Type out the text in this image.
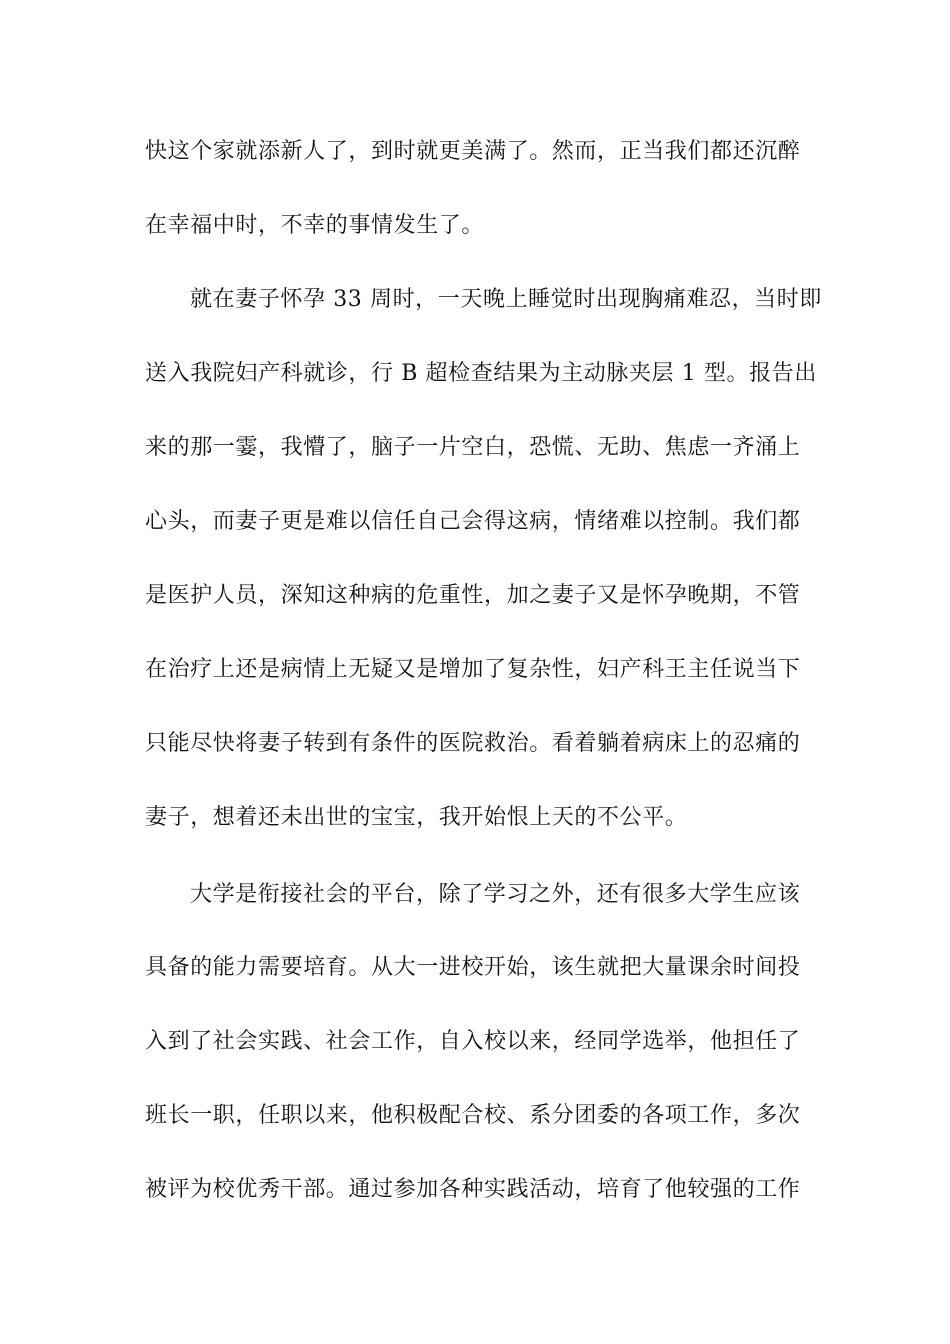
快这个家就添新人了，到时就更美满了。然而，正当我们都还沉醉
在幸福中时，不幸的事情发生了。
就在妻子怀孕 33 周时，一天晚上睡觉时出现胸痛难忍，当时即
送入我院妇产科就诊，行 B 超检查结果为主动脉夹层 1 型。报告出
来的那一霎，我懵了，脑子一片空白，恐慌、无助、焦虑一齐涌上
心头，而妻子更是难以信任自己会得这病，情绪难以控制。我们都
是医护人员，深知这种病的危重性，加之妻子又是怀孕晚期，不管
在治疗上还是病情上无疑又是增加了复杂性，妇产科王主任说当下
只能尽快将妻子转到有条件的医院救治。看着躺着病床上的忍痛的
妻子，想着还未出世的宝宝，我开始恨上天的不公平。
大学是衔接社会的平台，除了学习之外，还有很多大学生应该
具备的能力需要培育。从大一进校开始，该生就把大量课余时间投
入到了社会实践、社会工作，自入校以来，经同学选举，他担任了
班长一职，任职以来，他积极配合校、系分团委的各项工作，多次
被评为校优秀干部。通过参加各种实践活动，培育了他较强的工作
